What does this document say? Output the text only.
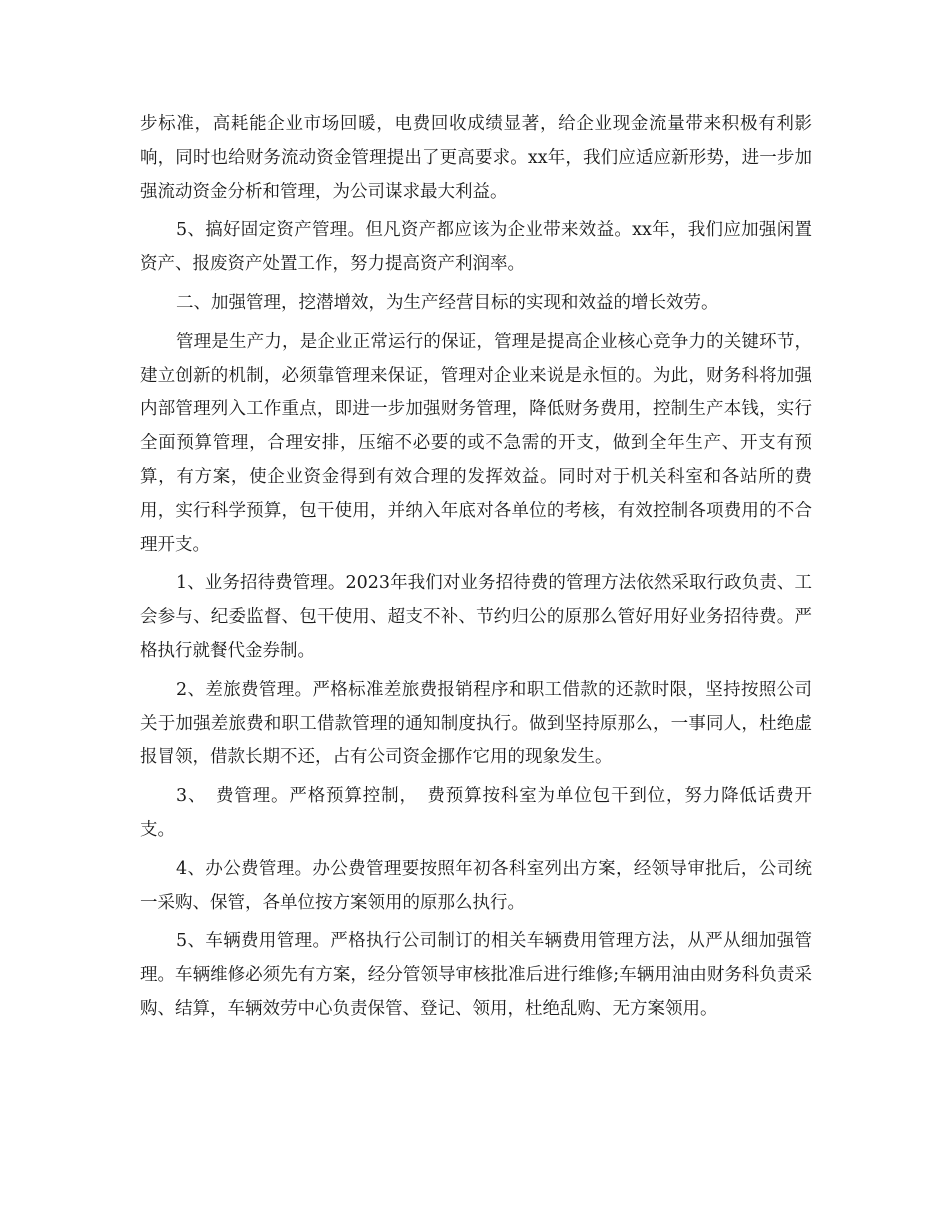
步标准，高耗能企业市场回暖，电费回收成绩显著，给企业现金流量带来积极有利影响，同时也给财务流动资金管理提出了更高要求。xx年，我们应适应新形势，进一步加强流动资金分析和管理，为公司谋求最大利益。

5、搞好固定资产管理。但凡资产都应该为企业带来效益。xx年，我们应加强闲置资产、报废资产处置工作，努力提高资产利润率。

二、加强管理，挖潜增效，为生产经营目标的实现和效益的增长效劳。

管理是生产力，是企业正常运行的保证，管理是提高企业核心竞争力的关键环节，建立创新的机制，必须靠管理来保证，管理对企业来说是永恒的。为此，财务科将加强内部管理列入工作重点，即进一步加强财务管理，降低财务费用，控制生产本钱，实行全面预算管理，合理安排，压缩不必要的或不急需的开支，做到全年生产、开支有预算，有方案，使企业资金得到有效合理的发挥效益。同时对于机关科室和各站所的费用，实行科学预算，包干使用，并纳入年底对各单位的考核，有效控制各项费用的不合理开支。

1、业务招待费管理。2023年我们对业务招待费的管理方法依然采取行政负责、工会参与、纪委监督、包干使用、超支不补、节约归公的原那么管好用好业务招待费。严格执行就餐代金券制。

2、差旅费管理。严格标准差旅费报销程序和职工借款的还款时限，坚持按照公司关于加强差旅费和职工借款管理的通知制度执行。做到坚持原那么，一事同人，杜绝虚报冒领，借款长期不还，占有公司资金挪作它用的现象发生。

3、　费管理。严格预算控制，　费预算按科室为单位包干到位，努力降低话费开支。

4、办公费管理。办公费管理要按照年初各科室列出方案，经领导审批后，公司统一采购、保管，各单位按方案领用的原那么执行。

5、车辆费用管理。严格执行公司制订的相关车辆费用管理方法，从严从细加强管理。车辆维修必须先有方案，经分管领导审核批准后进行维修;车辆用油由财务科负责采购、结算，车辆效劳中心负责保管、登记、领用，杜绝乱购、无方案领用。
